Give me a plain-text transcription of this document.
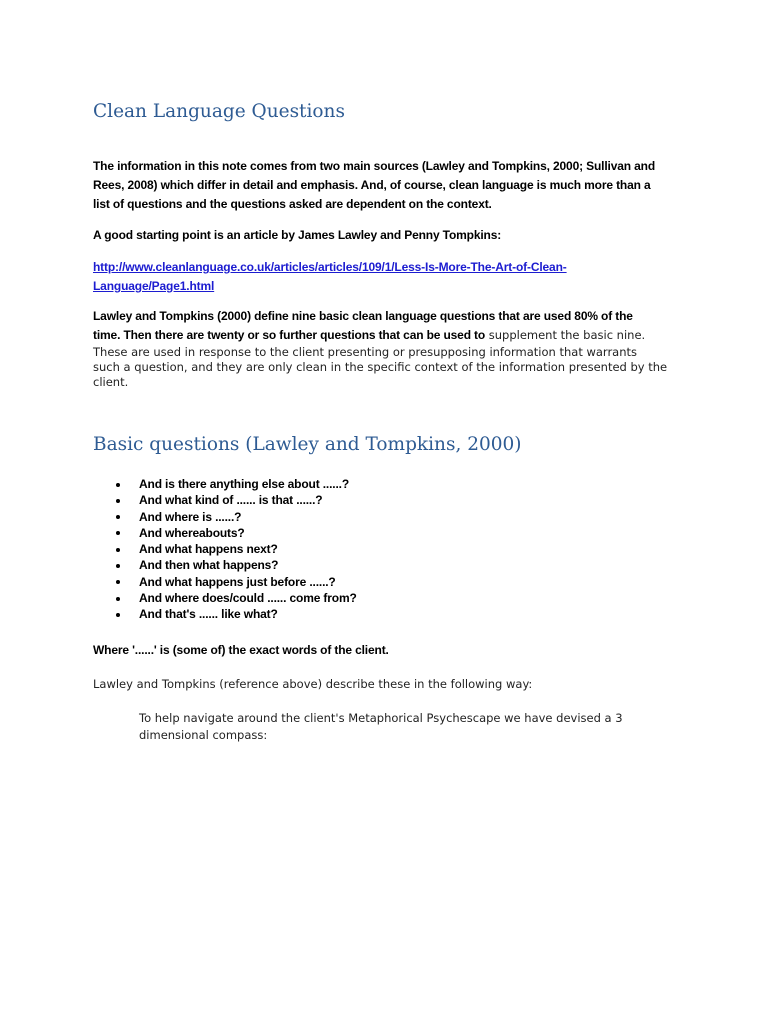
Clean Language Questions

The information in this note comes from two main sources (Lawley and Tompkins, 2000; Sullivan and
Rees, 2008) which differ in detail and emphasis. And, of course, clean language is much more than a
list of questions and the questions asked are dependent on the context.

A good starting point is an article by James Lawley and Penny Tompkins:

http://www.cleanlanguage.co.uk/articles/articles/109/1/Less-Is-More-The-Art-of-Clean-
Language/Page1.html

Lawley and Tompkins (2000) define nine basic clean language questions that are used 80% of the
time. Then there are twenty or so further questions that can be used to supplement the basic nine.

These are used in response to the client presenting or presupposing information that warrants
such a question, and they are only clean in the specific context of the information presented by the
client.

Basic questions (Lawley and Tompkins, 2000)
And is there anything else about ......?
And what kind of ...... is that ......?
And where is ......?
And whereabouts?
And what happens next?
And then what happens?
And what happens just before ......?
And where does/could ...... come from?
And that's ...... like what?

Where '......' is (some of) the exact words of the client.

Lawley and Tompkins (reference above) describe these in the following way:

To help navigate around the client's Metaphorical Psychescape we have devised a 3
dimensional compass:
